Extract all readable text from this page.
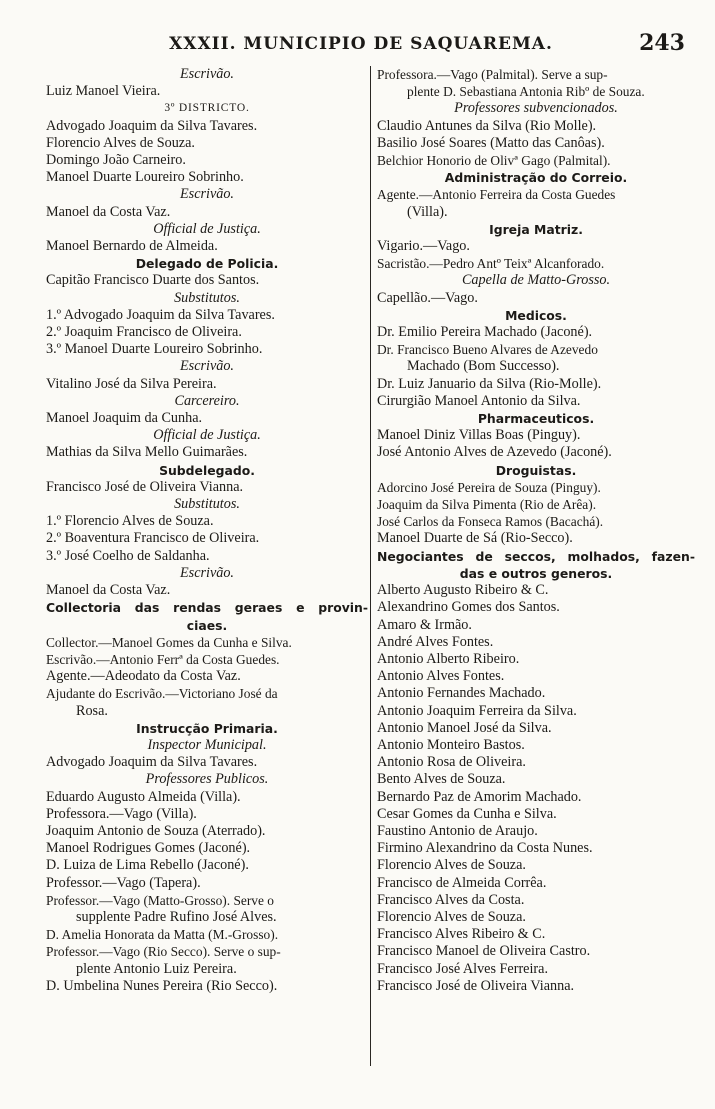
XXXII. MUNICIPIO DE SAQUAREMA.	243
Escrivão.
Luiz Manoel Vieira.
3º DISTRICTO.
Advogado Joaquim da Silva Tavares.
Florencio Alves de Souza.
Domingo João Carneiro.
Manoel Duarte Loureiro Sobrinho.
Escrivão.
Manoel da Costa Vaz.
Official de Justiça.
Manoel Bernardo de Almeida.
Delegado de Policia.
Capitão Francisco Duarte dos Santos.
Substitutos.
1.º Advogado Joaquim da Silva Tavares.
2.º Joaquim Francisco de Oliveira.
3.º Manoel Duarte Loureiro Sobrinho.
Escrivão.
Vitalino José da Silva Pereira.
Carcereiro.
Manoel Joaquim da Cunha.
Official de Justiça.
Mathias da Silva Mello Guimarães.
Subdelegado.
Francisco José de Oliveira Vianna.
Substitutos.
1.º Florencio Alves de Souza.
2.º Boaventura Francisco de Oliveira.
3.º José Coelho de Saldanha.
Escrivão.
Manoel da Costa Vaz.
Collectoria das rendas geraes e provin-
ciaes.
Collector.—Manoel Gomes da Cunha e Silva.
Escrivão.—Antonio Ferrª da Costa Guedes.
Agente.—Adeodato da Costa Vaz.
Ajudante do Escrivão.—Victoriano José da
Rosa.
Instrucção Primaria.
Inspector Municipal.
Advogado Joaquim da Silva Tavares.
Professores Publicos.
Eduardo Augusto Almeida (Villa).
Professora.—Vago (Villa).
Joaquim Antonio de Souza (Aterrado).
Manoel Rodrigues Gomes (Jaconé).
D. Luiza de Lima Rebello (Jaconé).
Professor.—Vago (Tapera).
Professor.—Vago (Matto-Grosso). Serve o
supplente Padre Rufino José Alves.
D. Amelia Honorata da Matta (M.-Grosso).
Professor.—Vago (Rio Secco). Serve o sup-
plente Antonio Luiz Pereira.
D. Umbelina Nunes Pereira (Rio Secco).
Professora.—Vago (Palmital). Serve a sup-
plente D. Sebastiana Antonia Ribº de Souza.
Professores subvencionados.
Claudio Antunes da Silva (Rio Molle).
Basilio José Soares (Matto das Canôas).
Belchior Honorio de Olivª Gago (Palmital).
Administração do Correio.
Agente.—Antonio Ferreira da Costa Guedes
(Villa).
Igreja Matriz.
Vigario.—Vago.
Sacristão.—Pedro Antº Teixª Alcanforado.
Capella de Matto-Grosso.
Capellão.—Vago.
Medicos.
Dr. Emilio Pereira Machado (Jaconé).
Dr. Francisco Bueno Alvares de Azevedo
Machado (Bom Successo).
Dr. Luiz Januario da Silva (Rio-Molle).
Cirurgião Manoel Antonio da Silva.
Pharmaceuticos.
Manoel Diniz Villas Boas (Pinguy).
José Antonio Alves de Azevedo (Jaconé).
Droguistas.
Adorcino José Pereira de Souza (Pinguy).
Joaquim da Silva Pimenta (Rio de Arêa).
José Carlos da Fonseca Ramos (Bacachá).
Manoel Duarte de Sá (Rio-Secco).
Negociantes de seccos, molhados, fazen-
das e outros generos.
Alberto Augusto Ribeiro & C.
Alexandrino Gomes dos Santos.
Amaro & Irmão.
André Alves Fontes.
Antonio Alberto Ribeiro.
Antonio Alves Fontes.
Antonio Fernandes Machado.
Antonio Joaquim Ferreira da Silva.
Antonio Manoel José da Silva.
Antonio Monteiro Bastos.
Antonio Rosa de Oliveira.
Bento Alves de Souza.
Bernardo Paz de Amorim Machado.
Cesar Gomes da Cunha e Silva.
Faustino Antonio de Araujo.
Firmino Alexandrino da Costa Nunes.
Florencio Alves de Souza.
Francisco de Almeida Corrêa.
Francisco Alves da Costa.
Florencio Alves de Souza.
Francisco Alves Ribeiro & C.
Francisco Manoel de Oliveira Castro.
Francisco José Alves Ferreira.
Francisco José de Oliveira Vianna.
